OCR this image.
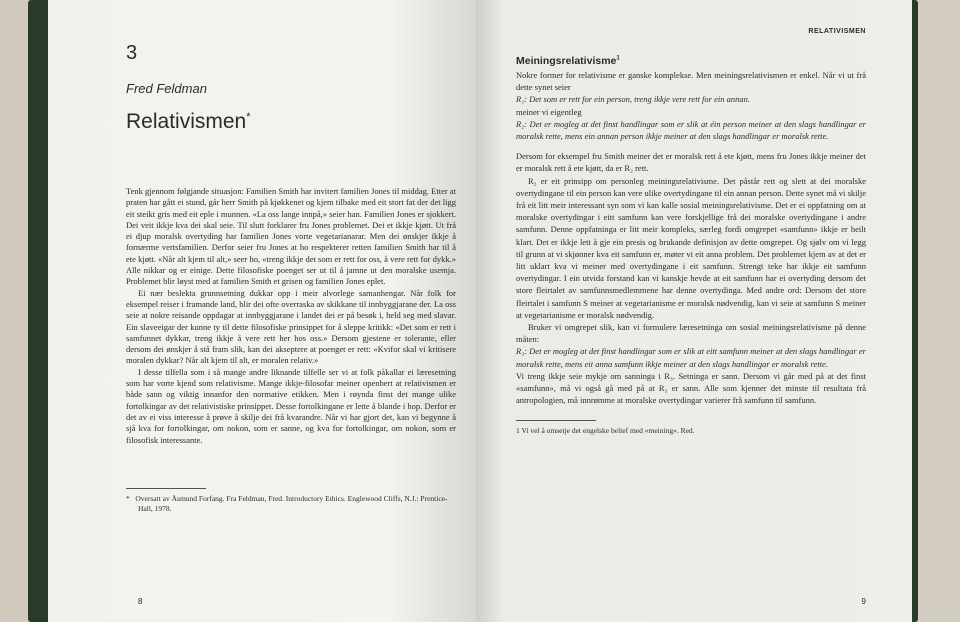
3
Fred Feldman
Relativismen*

Tenk gjennom følgjande situasjon: Familien Smith har invitert familien Jones til middag. Etter at praten har gått ei stund, går herr Smith på kjøkkenet og kjem tilbake med eit stort fat der det ligg eit steikt gris med eit eple i munnen. «La oss lange innpå,» seier han. Familien Jones er sjokkert. Dei veit ikkje kva dei skal seie. Til slutt forklarer fru Jones problemet. Dei et ikkje kjøtt. Ut frå ei djup moralsk overtyding har familien Jones vorte vegetarianarar. Men dei ønskjer ikkje å fornærme vertsfamilien. Derfor seier fru Jones at ho respekterer retten familien Smith har til å ete kjøtt. «Når alt kjem til alt,» seer ho, «treng ikkje det som er rett for oss, å vere rett for dykk.» Alle nikkar og er einige. Dette filosofiske poenget ser ut til å jamne ut den moralske usemja. Problemet blir løyst med at familien Smith et grisen og familien Jones eplet.

Ei nær beslekta grunnsetning dukkar opp i meir alvorlege samanhengar. Når folk for eksempel reiser i framande land, blir dei ofte overraska av skikkane til innbyggjarane der. La oss seie at nokre reisande oppdagar at innbyggjarane i landet dei er på besøk i, held seg med slavar. Ein slaveeigar der kunne ty til dette filosofiske prinsippet for å sleppe kritikk: «Det som er rett i samfunnet dykkar, treng ikkje å vere rett her hos oss.» Dersom gjestene er tolerante, eller dersom dei ønskjer å stå fram slik, kan dei akseptere at poenget er rett: «Kvifor skal vi kritisere moralen dykkar? Når alt kjem til alt, er moralen relativ.»

I desse tilfella som i så mange andre liknande tilfelle ser vi at folk påkallar ei læresetning som har vorte kjend som relativisme. Mange ikkje-filosofar meiner openbert at relativismen er både sann og viktig innanfor den normative etikken. Men i røynda finst det mange ulike fortolkingar av det relativistiske prinsippet. Desse fortolkingane er lette å blande i hop. Derfor er det av ei viss interesse å prøve å skilje dei frå kvarandre. Når vi har gjort det, kan vi begynne å sjå kva for fortolkingar, om nokon, som er sanne, og kva for fortolkingar, om nokon, som er filosofisk interessante.

* Oversatt av Åsmund Forfang. Fra Feldman, Fred. Introductory Ethics. Englewood Cliffs, N.J.: Prentice-Hall, 1978.
8
RELATIVISMEN
Meiningsrelativisme$^1$

Nokre former for relativisme er ganske komplekse. Men meiningsrelativismen er enkel. Når vi ut frå dette synet seier

R₁: Det som er rett for ein person, treng ikkje vere rett for ein annan.

meiner vi eigentleg

R₂: Det er mogleg at det finst handlingar som er slik at éin person meiner at den slags handlingar er moralsk rette, mens ein annan person ikkje meiner at den slags handlingar er moralsk rette.

Dersom for eksempel fru Smith meiner det er moralsk rett å ete kjøtt, mens fru Jones ikkje meiner det er moralsk rett å ete kjøtt, da er R₂ rett.

R₂ er eit prinsipp om personleg meiningsrelativisme. Det påstår rett og slett at dei moralske overtydingane til ein person kan vere ulike overtydingane til ein annan person. Dette synet må vi skilje frå eit litt meir interessant syn som vi kan kalle sosial meiningsrelativisme. Det er ei oppfatning om at moralske overtydingar i eitt samfunn kan vere forskjellige frå dei moralske overtydingane i andre samfunn. Denne oppfatninga er litt meir kompleks, særleg fordi omgrepet «samfunn» ikkje er heilt klart. Det er ikkje lett å gje ein presis og brukande definisjon av dette omgrepet. Og sjølv om vi legg til grunn at vi skjønner kva eit samfunn er, møter vi eit anna problem. Det problemet kjem av at det er litt uklart kva vi meiner med overtydingane i eit samfunn. Strengt teke har ikkje eit samfunn overtydingar. I ein utvida forstand kan vi kanskje hevde at eit samfunn har ei overtyding dersom det store fleirtalet av samfunnsmedlemmene har denne overtydinga. Med andre ord: Dersom det store fleirtalet i samfunn S meiner at vegetarianisme er moralsk nødvendig, kan vi seie at samfunn S meiner at vegetarianisme er moralsk nødvendig.

Bruker vi omgrepet slik, kan vi formulere læresetninga om sosial meiningsrelativisme på denne måten:

R₃: Det er mogleg at det finst handlingar som er slik at eitt samfunn meiner at den slags handlingar er moralsk rette, mens eit anna samfunn ikkje meiner at den slags handlingar er moralsk rette.

Vi treng ikkje seie mykje om sanninga i R₃. Setninga er sann. Dersom vi går med på at det finst «samfunn», må vi også gå med på at R₃ er sann. Alle som kjenner det minste til resultata frå antropologien, må innrømme at moralske overtydingar varierer frå samfunn til samfunn.

1 Vi vel å omsetje det engelske belief med «meining». Red.
9
